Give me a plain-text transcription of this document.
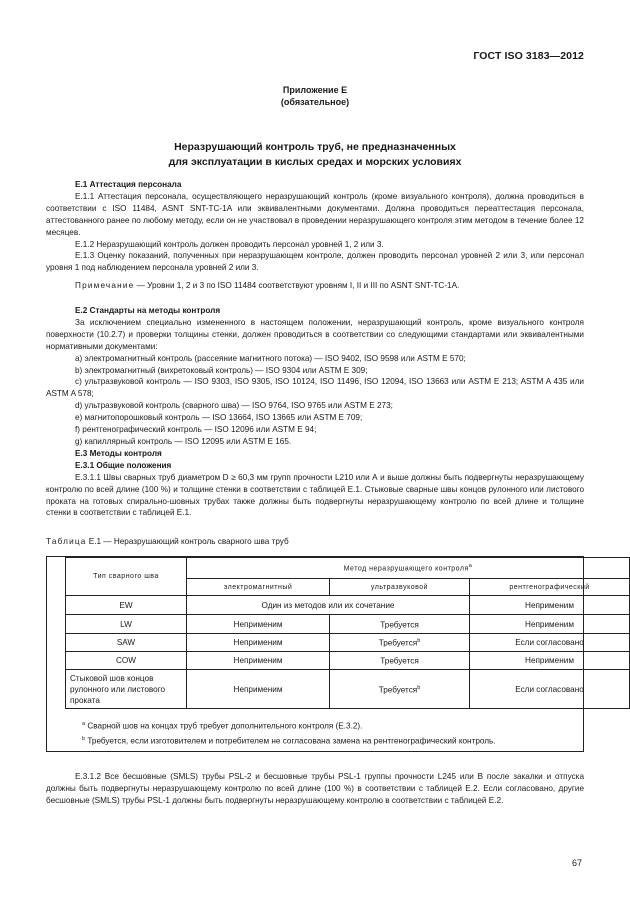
ГОСТ ISO 3183—2012
Приложение Е
(обязательное)
Неразрушающий контроль труб, не предназначенных
для эксплуатации в кислых средах и морских условиях

Е.1 Аттестация персонала

Е.1.1 Аттестация персонала, осуществляющего неразрушающий контроль (кроме визуального контроля), должна проводиться в соответствии с ISO 11484, ASNT SNT-TC-1A или эквивалентными документами. Должна проводиться переаттестация персонала, аттестованного ранее по любому методу, если он не участвовал в проведении неразрушающего контроля этим методом в течение более 12 месяцев.

Е.1.2 Неразрушающий контроль должен проводить персонал уровней 1, 2 или 3.

Е.1.3 Оценку показаний, полученных при неразрушающем контроле, должен проводить персонал уровней 2 или 3, или персонал уровня 1 под наблюдением персонала уровней 2 или 3.

Примечание — Уровни 1, 2 и 3 по ISO 11484 соответствуют уровням I, II и III по ASNT SNT-TC-1A.

Е.2 Стандарты на методы контроля

За исключением специально измененного в настоящем положении, неразрушающий контроль, кроме визуального контроля поверхности (10.2.7) и проверки толщины стенки, должен проводиться в соответствии со следующими стандартами или эквивалентными нормативными документами:

a) электромагнитный контроль (рассеяние магнитного потока) — ISO 9402, ISO 9598 или ASTM E 570;

b) электромагнитный (вихретоковый контроль) — ISO 9304 или ASTM E 309;

c) ультразвуковой контроль — ISO 9303, ISO 9305, ISO 10124, ISO 11496, ISO 12094, ISO 13663 или ASTM E 213; ASTM A 435 или ASTM A 578;

d) ультразвуковой контроль (сварного шва) — ISO 9764, ISO 9765 или ASTM E 273;

e) магнитопорошковый контроль — ISO 13664, ISO 13665 или ASTM E 709;

f) рентгенографический контроль — ISO 12096 или ASTM E 94;

g) капиллярный контроль — ISO 12095 или ASTM E 165.

Е.3 Методы контроля

Е.3.1 Общие положения

Е.3.1.1 Швы сварных труб диаметром D ≥ 60,3 мм групп прочности L210 или А и выше должны быть подвергнуты неразрушающему контролю по всей длине (100 %) и толщине стенки в соответствии с таблицей Е.1. Стыковые сварные швы концов рулонного или листового проката на готовых спирально-шовных трубах также должны быть подвергнуты неразрушающему контролю по всей длине и толщине стенки в соответствии с таблицей Е.1.

Таблица Е.1 — Неразрушающий контроль сварного шва труб
Тип сварного шва	Метод неразрушающего контроля$^a$
	электромагнитный	ультразвуковой	рентгенографический
EW	Один из методов или их сочетание		Неприменим
LW	Неприменим	Требуется	Неприменим
SAW	Неприменим	Требуется$^b$	Если согласовано
COW	Неприменим	Требуется	Неприменим
Стыковой шов концов рулонного или листового проката	Неприменим	Требуется$^b$	Если согласовано
$^a$ Сварной шов на концах труб требует дополнительного контроля (Е.3.2).
$^b$ Требуется, если изготовителем и потребителем не согласована замена на рентгенографический контроль.

Е.3.1.2 Все бесшовные (SMLS) трубы PSL-2 и бесшовные трубы PSL-1 группы прочности L245 или В после закалки и отпуска должны быть подвергнуты неразрушающему контролю по всей длине (100 %) в соответствии с таблицей Е.2. Если согласовано, другие бесшовные (SMLS) трубы PSL-1 должны быть подвергнуты неразрушающему контролю в соответствии с таблицей Е.2.

67
